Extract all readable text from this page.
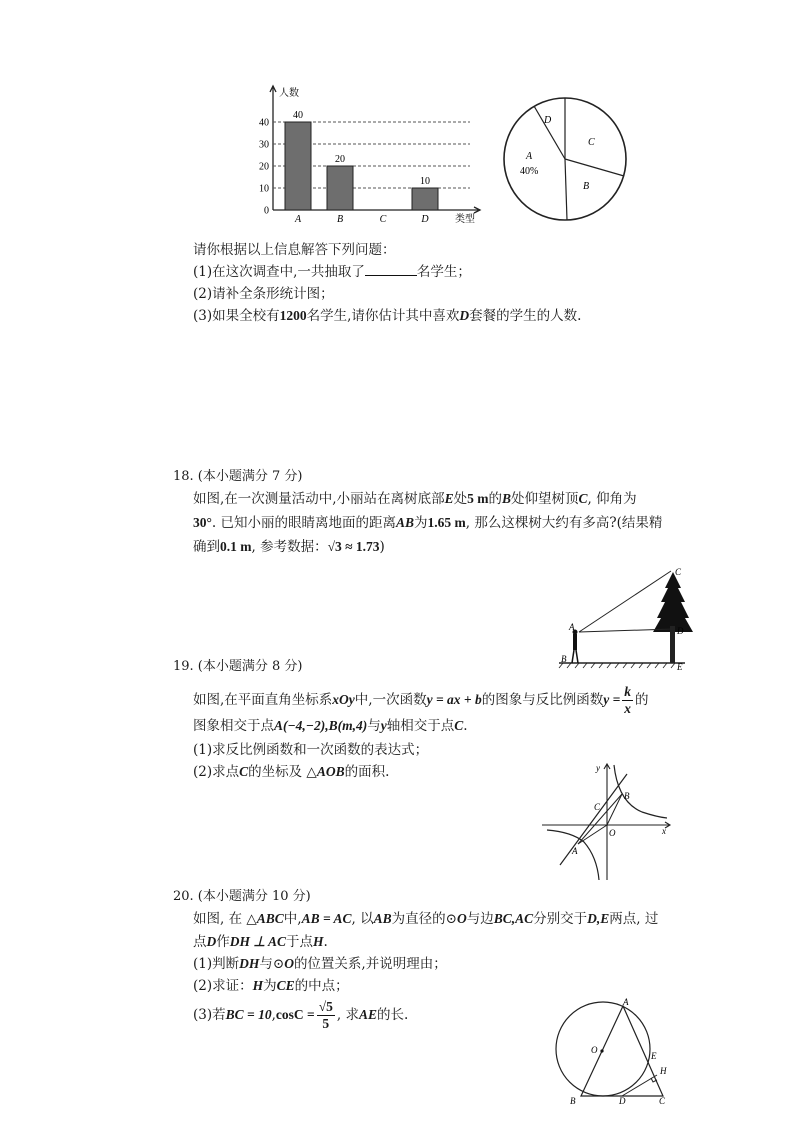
40
20
10
0
10
20
30
40
A	B	C	D
人数
类型
D
C
B
A
40%
请你根据以上信息解答下列问题：
(1)在这次调查中,一共抽取了	名学生；
(2)请补全条形统计图；
(3)如果全校有1200名学生,请你估计其中喜欢D套餐的学生的人数.
18. (本小题满分 7 分)
如图,在一次测量活动中,小丽站在离树底部E处5 m的B处仰望树顶C, 仰角为
30°. 已知小丽的眼睛离地面的距离AB为1.65 m, 那么这棵树大约有多高?(结果精
确到0.1 m, 参考数据：√3 ≈ 1.73)
C
A	D
B
E
19. (本小题满分 8 分)
如图,在平面直角坐标系xOy中,一次函数y = ax + b的图象与反比例函数$y = \frac{k}{x}$ 的
图象相交于点A(−4,−2),B(m,4)与y轴相交于点C.
(1)求反比例函数和一次函数的表达式；
(2)求点C的坐标及 △AOB的面积.	y
x
O
A
B
C
20. (本小题满分 10 分)
如图, 在 △ABC中,AB = AC, 以AB为直径的⊙O与边BC,AC分别交于D,E两点, 过
点D作DH ⊥ AC于点H.
(1)判断DH与⊙O的位置关系,并说明理由；
(2)求证：H为CE的中点；
(3)若BC = $10,\cos C = \frac{√5}{5}$ , 求AE的长.
A
O
E
H
B	D	C
